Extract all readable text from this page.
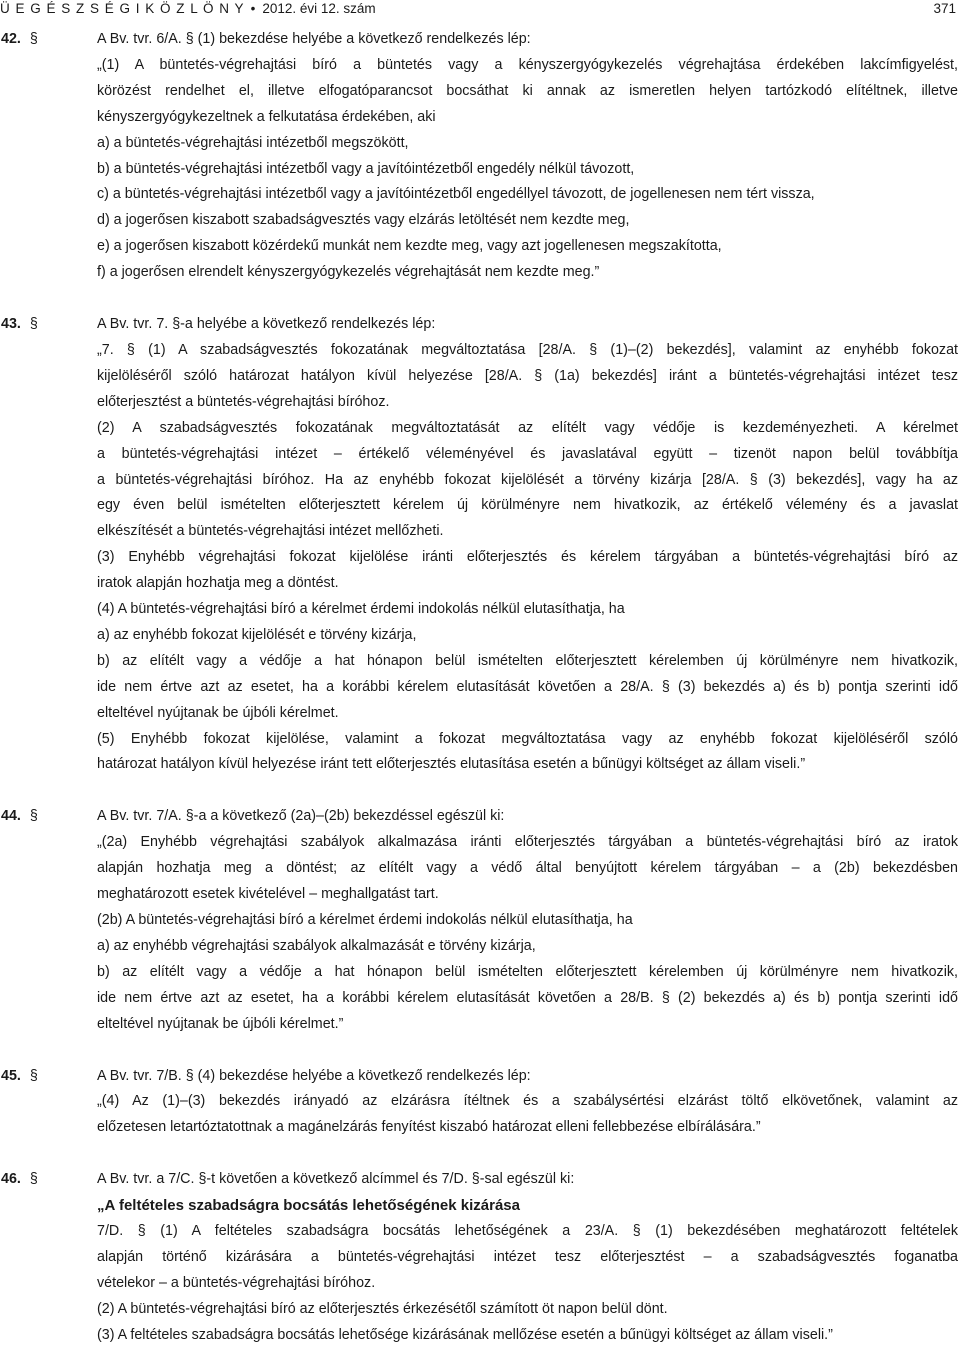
Ü E G É S Z S É G I K Ö Z L Ö N Y • 2012. évi 12. szám	371
42. §	A Bv. tvr. 6/A. § (1) bekezdése helyébe a következő rendelkezés lép:
„(1) A büntetés-végrehajtási bíró a büntetés vagy a kényszergyógykezelés végrehajtása érdekében lakcímfigyelést,
körözést rendelhet el, illetve elfogatóparancsot bocsáthat ki annak az ismeretlen helyen tartózkodó elítéltnek, illetve
kényszergyógykezeltnek a felkutatása érdekében, aki
a) a büntetés-végrehajtási intézetből megszökött,
b) a büntetés-végrehajtási intézetből vagy a javítóintézetből engedély nélkül távozott,
c) a büntetés-végrehajtási intézetből vagy a javítóintézetből engedéllyel távozott, de jogellenesen nem tért vissza,
d) a jogerősen kiszabott szabadságvesztés vagy elzárás letöltését nem kezdte meg,
e) a jogerősen kiszabott közérdekű munkát nem kezdte meg, vagy azt jogellenesen megszakította,
f) a jogerősen elrendelt kényszergyógykezelés végrehajtását nem kezdte meg.”
43. §	A Bv. tvr. 7. §-a helyébe a következő rendelkezés lép:
„7. § (1) A szabadságvesztés fokozatának megváltoztatása [28/A. § (1)–(2) bekezdés], valamint az enyhébb fokozat
kijelöléséről szóló határozat hatályon kívül helyezése [28/A. § (1a) bekezdés] iránt a büntetés-végrehajtási intézet tesz
előterjesztést a büntetés-végrehajtási bíróhoz.
(2) A szabadságvesztés fokozatának megváltoztatását az elítélt vagy védője is kezdeményezheti. A kérelmet
a büntetés-végrehajtási intézet – értékelő véleményével és javaslatával együtt – tizenöt napon belül továbbítja
a büntetés-végrehajtási bíróhoz. Ha az enyhébb fokozat kijelölését a törvény kizárja [28/A. § (3) bekezdés], vagy ha az
egy éven belül ismételten előterjesztett kérelem új körülményre nem hivatkozik, az értékelő vélemény és a javaslat
elkészítését a büntetés-végrehajtási intézet mellőzheti.
(3) Enyhébb végrehajtási fokozat kijelölése iránti előterjesztés és kérelem tárgyában a büntetés-végrehajtási bíró az
iratok alapján hozhatja meg a döntést.
(4) A büntetés-végrehajtási bíró a kérelmet érdemi indokolás nélkül elutasíthatja, ha
a) az enyhébb fokozat kijelölését e törvény kizárja,
b) az elítélt vagy a védője a hat hónapon belül ismételten előterjesztett kérelemben új körülményre nem hivatkozik,
ide nem értve azt az esetet, ha a korábbi kérelem elutasítását követően a 28/A. § (3) bekezdés a) és b) pontja szerinti idő
elteltével nyújtanak be újbóli kérelmet.
(5) Enyhébb fokozat kijelölése, valamint a fokozat megváltoztatása vagy az enyhébb fokozat kijelöléséről szóló
határozat hatályon kívül helyezése iránt tett előterjesztés elutasítása esetén a bűnügyi költséget az állam viseli.”
44. §	A Bv. tvr. 7/A. §-a a következő (2a)–(2b) bekezdéssel egészül ki:
„(2a) Enyhébb végrehajtási szabályok alkalmazása iránti előterjesztés tárgyában a büntetés-végrehajtási bíró az iratok
alapján hozhatja meg a döntést; az elítélt vagy a védő által benyújtott kérelem tárgyában – a (2b) bekezdésben
meghatározott esetek kivételével – meghallgatást tart.
(2b) A büntetés-végrehajtási bíró a kérelmet érdemi indokolás nélkül elutasíthatja, ha
a) az enyhébb végrehajtási szabályok alkalmazását e törvény kizárja,
b) az elítélt vagy a védője a hat hónapon belül ismételten előterjesztett kérelemben új körülményre nem hivatkozik,
ide nem értve azt az esetet, ha a korábbi kérelem elutasítását követően a 28/B. § (2) bekezdés a) és b) pontja szerinti idő
elteltével nyújtanak be újbóli kérelmet.”
45. §	A Bv. tvr. 7/B. § (4) bekezdése helyébe a következő rendelkezés lép:
„(4) Az (1)–(3) bekezdés irányadó az elzárásra ítéltnek és a szabálysértési elzárást töltő elkövetőnek, valamint az
előzetesen letartóztatottnak a magánelzárás fenyítést kiszabó határozat elleni fellebbezése elbírálására.”
46. §	A Bv. tvr. a 7/C. §-t követően a következő alcímmel és 7/D. §-sal egészül ki:
„A feltételes szabadságra bocsátás lehetőségének kizárása
7/D. § (1) A feltételes szabadságra bocsátás lehetőségének a 23/A. § (1) bekezdésében meghatározott feltételek
alapján történő kizárására a büntetés-végrehajtási intézet tesz előterjesztést – a szabadságvesztés foganatba
vételekor – a büntetés-végrehajtási bíróhoz.
(2) A büntetés-végrehajtási bíró az előterjesztés érkezésétől számított öt napon belül dönt.
(3) A feltételes szabadságra bocsátás lehetősége kizárásának mellőzése esetén a bűnügyi költséget az állam viseli.”
